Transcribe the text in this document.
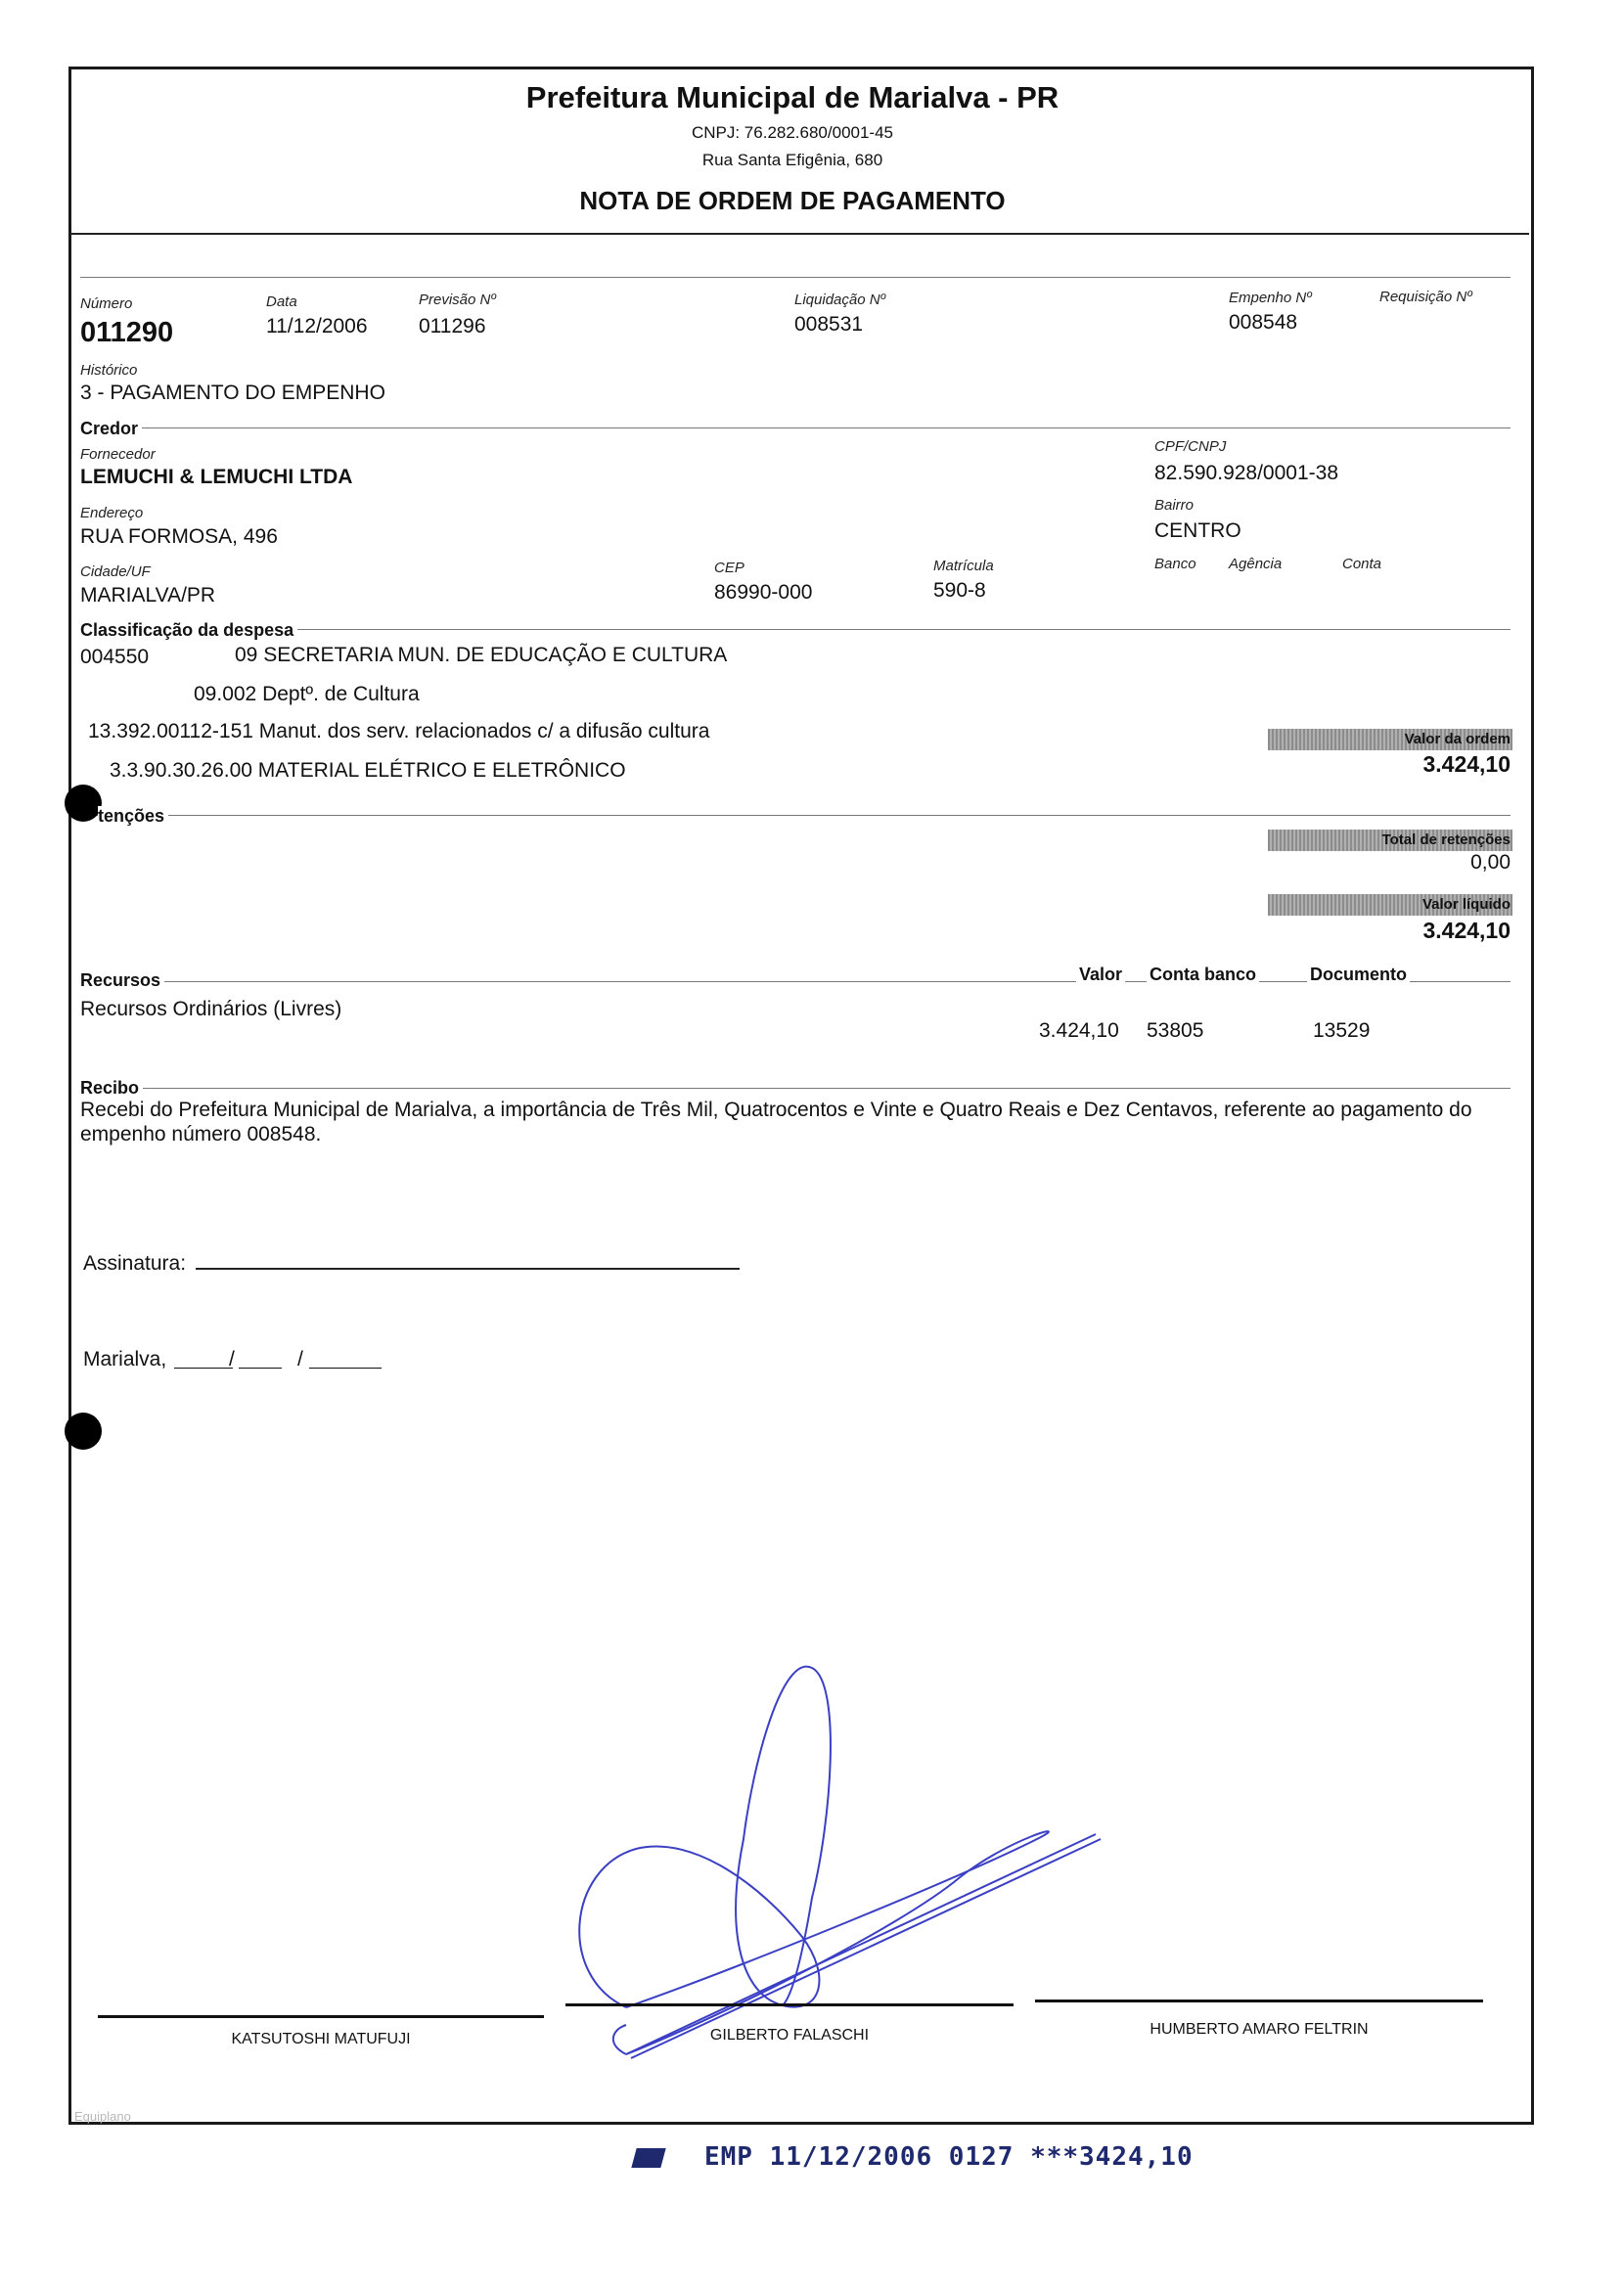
Prefeitura Municipal de Marialva - PR
CNPJ: 76.282.680/0001-45
Rua Santa Efigênia, 680
NOTA DE ORDEM DE PAGAMENTO
Número
011290
Data
11/12/2006
Previsão Nº
011296
Liquidação Nº
008531
Empenho Nº
008548
Requisição Nº
Histórico
3 - PAGAMENTO DO EMPENHO
Credor
Fornecedor
LEMUCHI & LEMUCHI LTDA
CPF/CNPJ
82.590.928/0001-38
Endereço
RUA FORMOSA, 496
Bairro
CENTRO
Cidade/UF
MARIALVA/PR
CEP
86990-000
Matrícula
590-8
Banco Agência	Conta
Classificação da despesa
004550	09 SECRETARIA MUN. DE EDUCAÇÃO E CULTURA
09.002 Deptº. de Cultura
13.392.00112-151 Manut. dos serv. relacionados c/ a difusão cultura
3.3.90.30.26.00 MATERIAL ELÉTRICO E ELETRÔNICO
Valor da ordem
3.424,10
tenções
Total de retenções
0,00
Valor líquido
3.424,10
Recursos	Valor Conta banco	Documento
Recursos Ordinários (Livres)
3.424,10 53805	13529
Recibo
Recebi do Prefeitura Municipal de Marialva, a importância de Três Mil, Quatrocentos e Vinte e Quatro Reais e Dez Centavos, referente ao pagamento do empenho número 008548.
Assinatura:
Marialva,	/	/
KATSUTOSHI MATUFUJI	GILBERTO FALASCHI	HUMBERTO AMARO FELTRIN
Equiplano
EMP 11/12/2006 0127 ***3424,10
